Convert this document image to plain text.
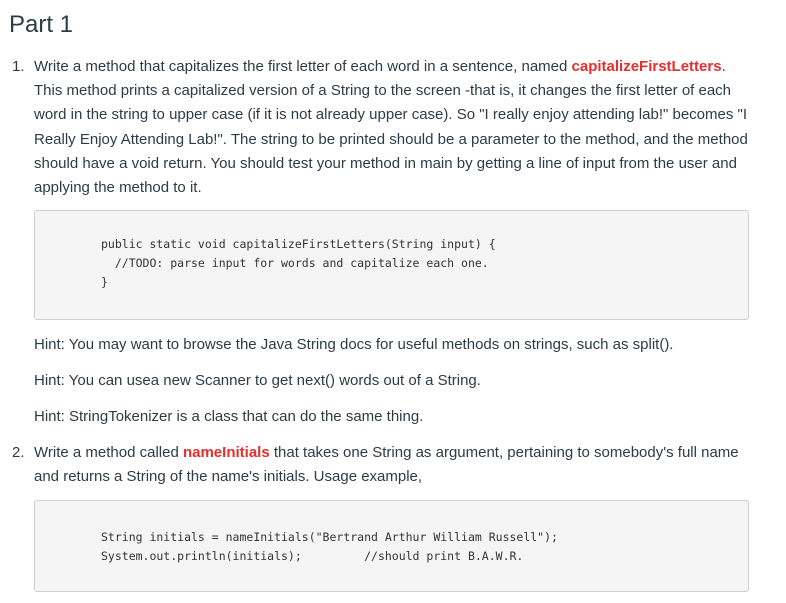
Part 1
1. Write a method that capitalizes the first letter of each word in a sentence, named capitalizeFirstLetters. This method prints a capitalized version of a String to the screen -that is, it changes the first letter of each word in the string to upper case (if it is not already upper case). So "I really enjoy attending lab!" becomes "I Really Enjoy Attending Lab!". The string to be printed should be a parameter to the method, and the method should have a void return. You should test your method in main by getting a line of input from the user and applying the method to it.

public static void capitalizeFirstLetters(String input) {
//TODO: parse input for words and capitalize each one.
}

Hint: You may want to browse the Java String docs for useful methods on strings, such as split().

Hint: You can usea new Scanner to get next() words out of a String.

Hint: StringTokenizer is a class that can do the same thing.

2. Write a method called nameInitials that takes one String as argument, pertaining to somebody's full name and returns a String of the name's initials. Usage example,

String initials = nameInitials("Bertrand Arthur William Russell");
System.out.println(initials);         //should print B.A.W.R.
